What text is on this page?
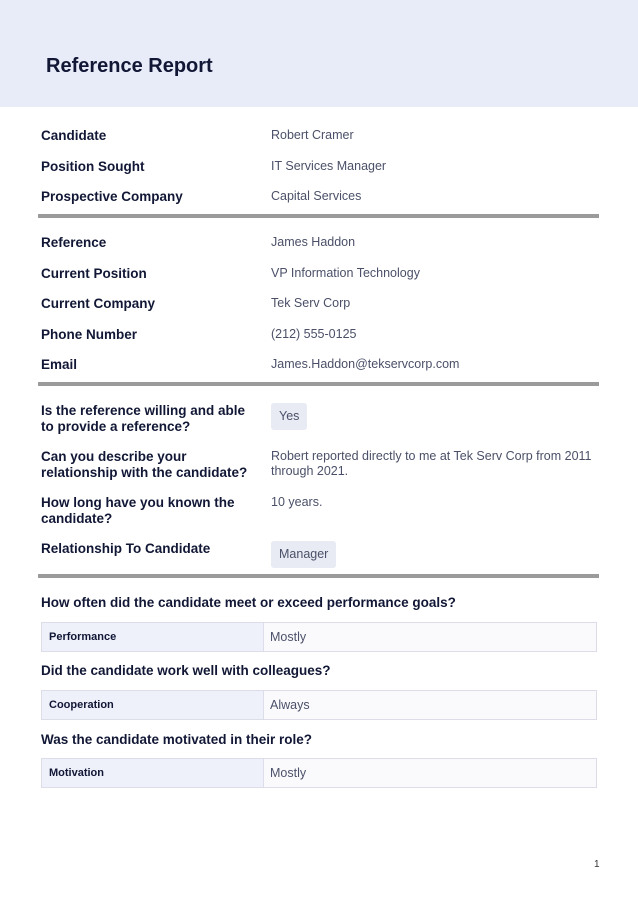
Reference Report
Candidate	Robert Cramer
Position Sought	IT Services Manager
Prospective Company	Capital Services
Reference	James Haddon
Current Position	VP Information Technology
Current Company	Tek Serv Corp
Phone Number	(212) 555-0125
Email	James.Haddon@tekservcorp.com
Is the reference willing and able to provide a reference?
Yes
Can you describe your relationship with the candidate?
Robert reported directly to me at Tek Serv Corp from 2011 through 2021.
How long have you known the candidate?
10 years.
Relationship To Candidate	Manager
How often did the candidate meet or exceed performance goals?
Performance	Mostly
Did the candidate work well with colleagues?
Cooperation	Always
Was the candidate motivated in their role?
Motivation	Mostly
1
